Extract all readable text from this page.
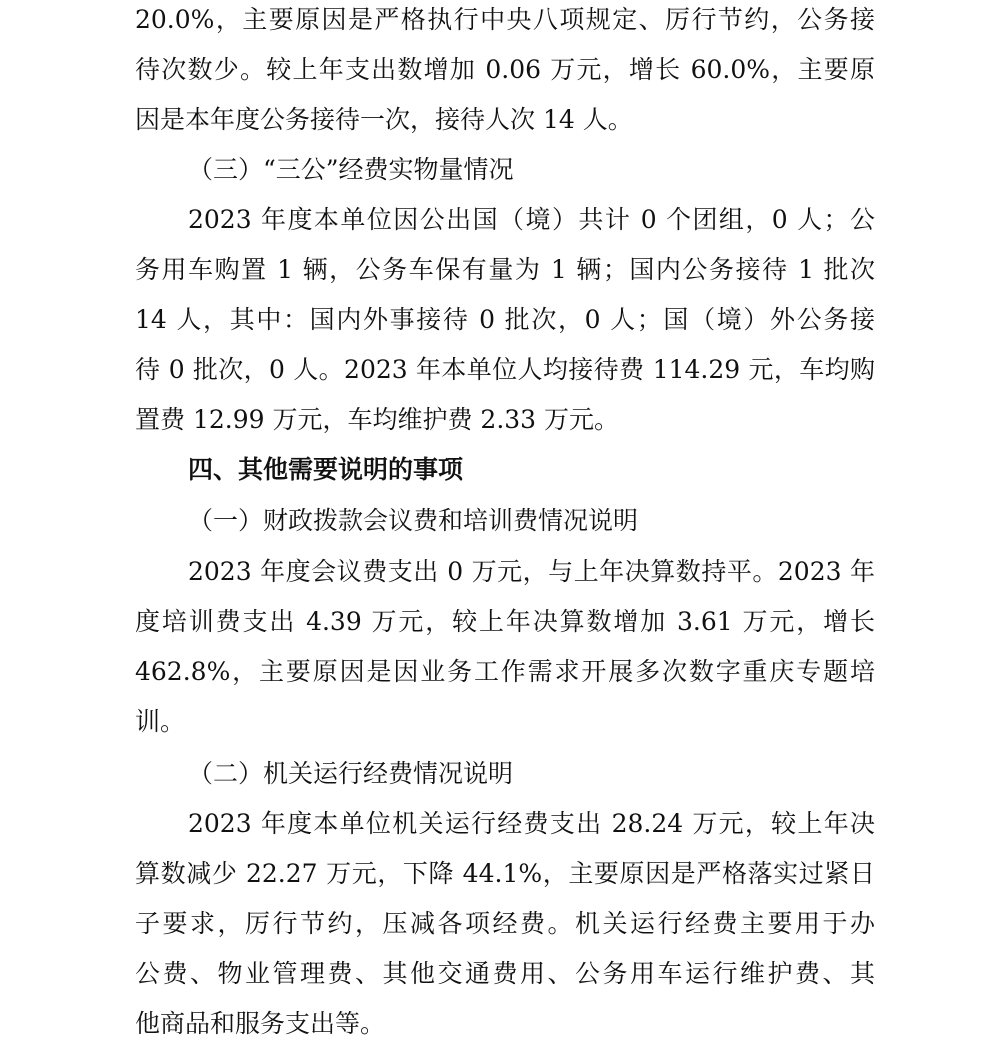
20.0%，主要原因是严格执行中央八项规定、厉行节约，公务接
待次数少。较上年支出数增加 0.06 万元，增长 60.0%，主要原
因是本年度公务接待一次，接待人次 14 人。
（三）“三公”经费实物量情况
2023 年度本单位因公出国（境）共计 0 个团组，0 人；公
务用车购置 1 辆，公务车保有量为 1 辆；国内公务接待 1 批次
14 人，其中：国内外事接待 0 批次，0 人；国（境）外公务接
待 0 批次，0 人。2023 年本单位人均接待费 114.29 元，车均购
置费 12.99 万元，车均维护费 2.33 万元。
四、其他需要说明的事项
（一）财政拨款会议费和培训费情况说明
2023 年度会议费支出 0 万元，与上年决算数持平。2023 年
度培训费支出 4.39 万元，较上年决算数增加 3.61 万元，增长
462.8%，主要原因是因业务工作需求开展多次数字重庆专题培
训。
（二）机关运行经费情况说明
2023 年度本单位机关运行经费支出 28.24 万元，较上年决
算数减少 22.27 万元，下降 44.1%，主要原因是严格落实过紧日
子要求，厉行节约，压减各项经费。机关运行经费主要用于办
公费、物业管理费、其他交通费用、公务用车运行维护费、其
他商品和服务支出等。
